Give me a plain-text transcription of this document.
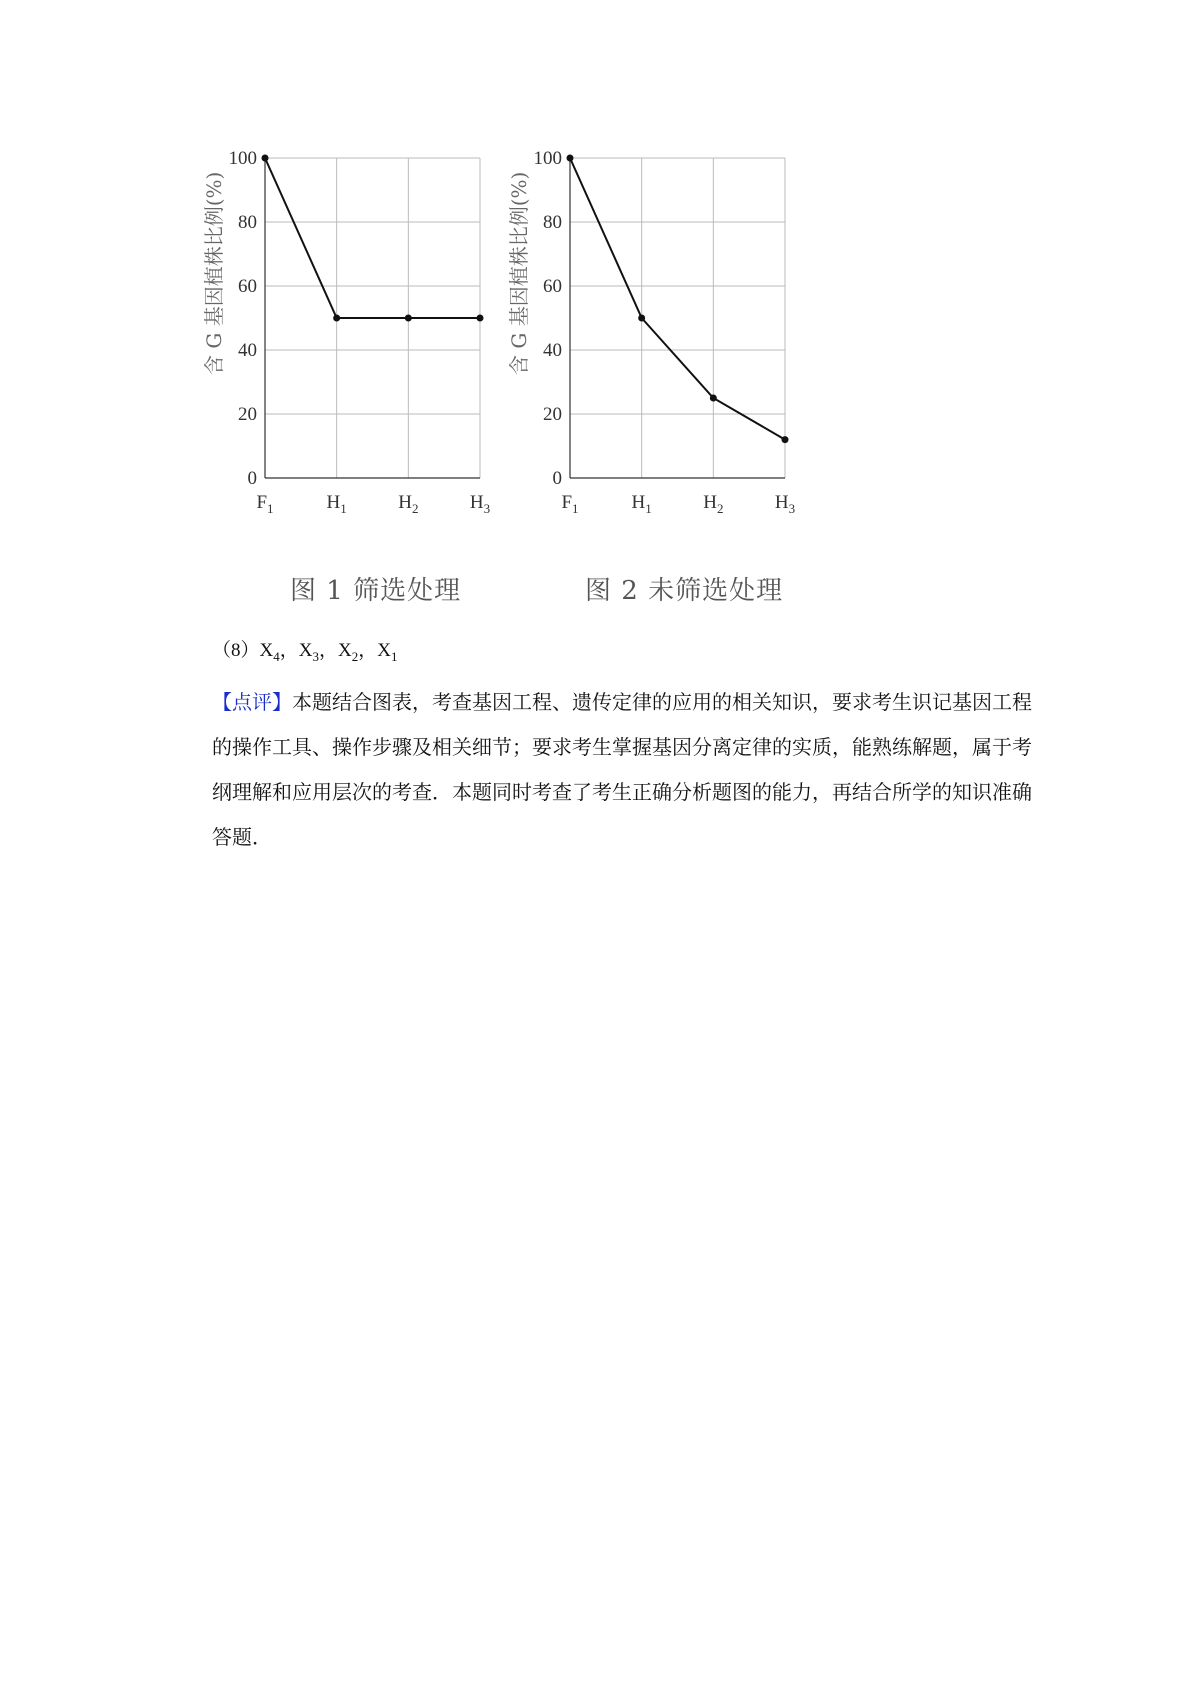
含 G 基因植株比例(%)
0
20
40
60
80
100
$F_1$	$H_1$	$H_2$	$H_3$
图 1 筛选处理
含 G 基因植株比例(%)
0
20
40
60
80
100
$F_1$	$H_1$	$H_2$	$H_3$
图 2 未筛选处理
$(8)X_4$，$X_3$，$X_2$，$X_1$
【点评】本题结合图表，考查基因工程、遗传定律的应用的相关知识，要求考生识记基因工程的操作工具、操作步骤及相关细节；要求考生掌握基因分离定律的实质，能熟练解题，属于考纲理解和应用层次的考查．本题同时考查了考生正确分析题图的能力，再结合所学的知识准确答题．
